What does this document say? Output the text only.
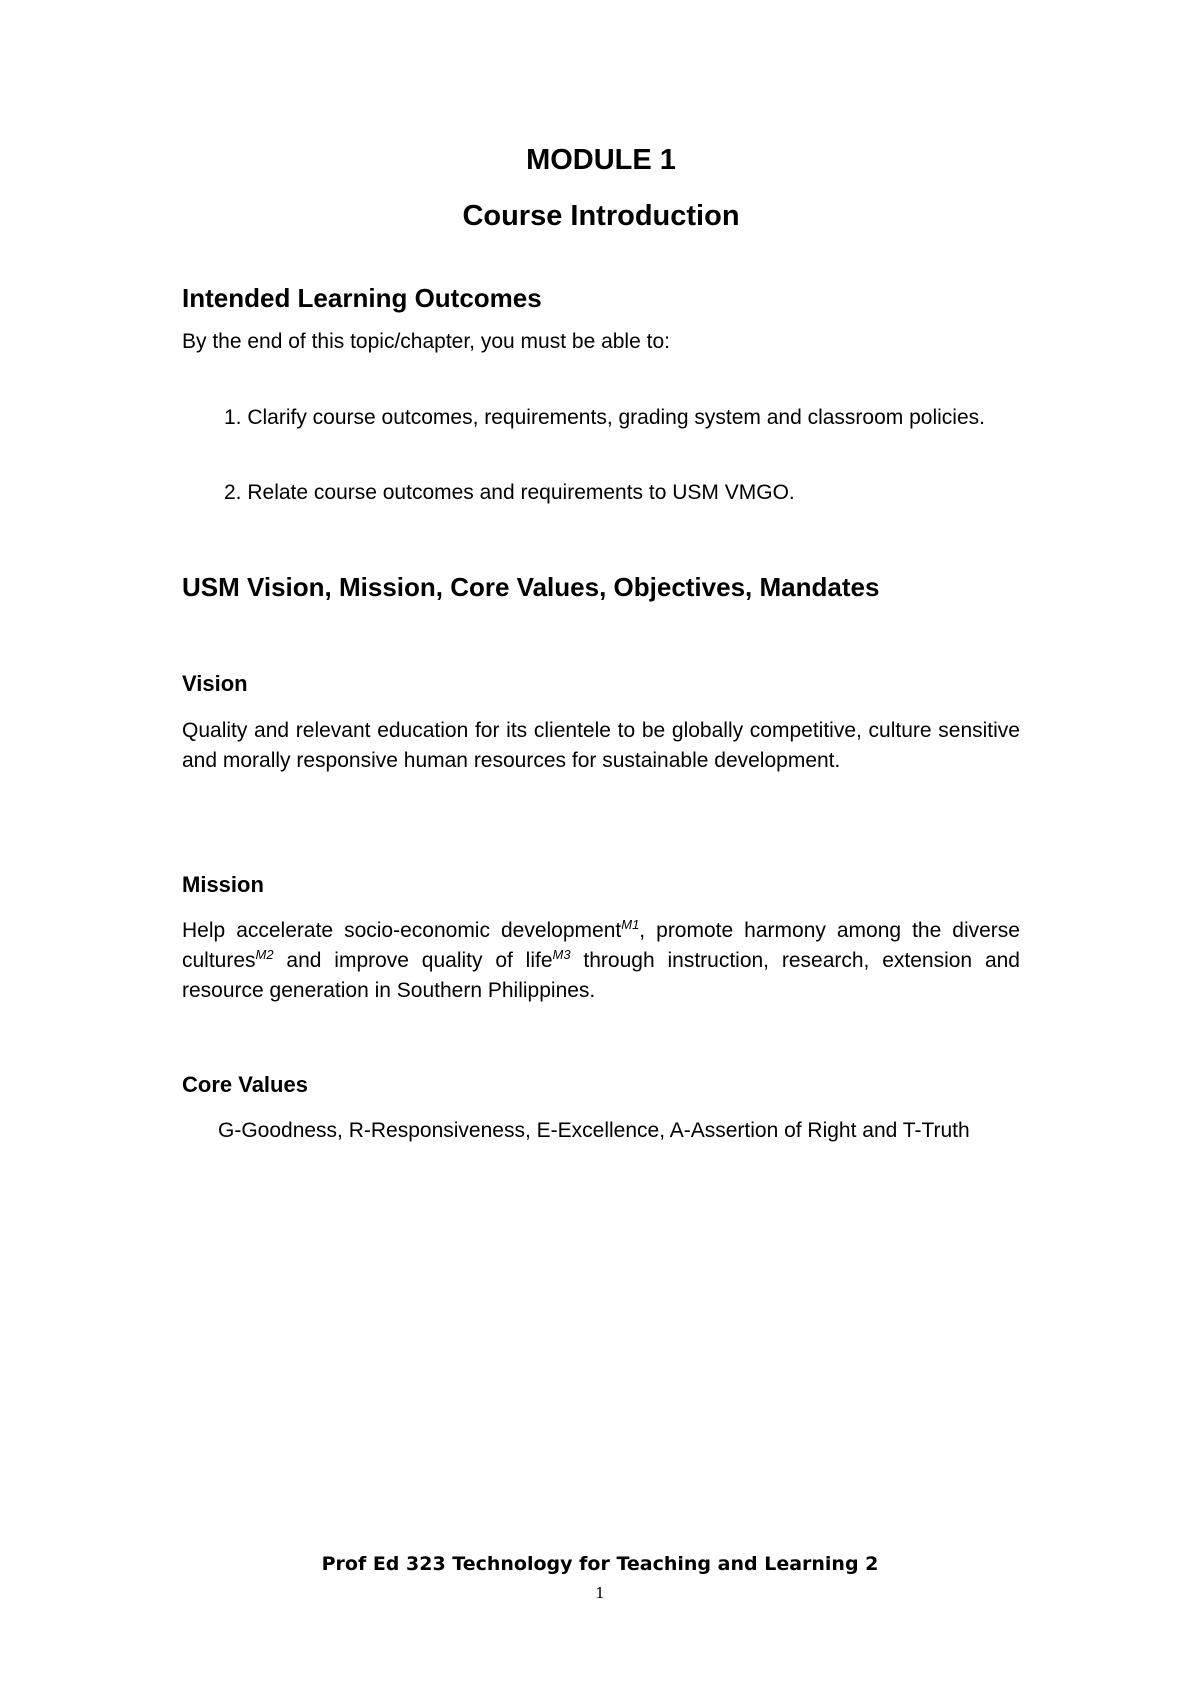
MODULE 1
Course Introduction
Intended Learning Outcomes

By the end of this topic/chapter, you must be able to:

1. Clarify course outcomes, requirements, grading system and classroom policies.

2. Relate course outcomes and requirements to USM VMGO.

USM Vision, Mission, Core Values, Objectives, Mandates
Vision

Quality and relevant education for its clientele to be globally competitive, culture sensitive and morally responsive human resources for sustainable development.

Mission

Help accelerate socio-economic development$^{M1}$, promote harmony among the diverse cultures$^{M2}$ and improve quality of life$^{M3}$ through instruction, research, extension and resource generation in Southern Philippines.

Core Values

G-Goodness, R-Responsiveness, E-Excellence, A-Assertion of Right and T-Truth

Prof Ed 323 Technology for Teaching and Learning 2

1
